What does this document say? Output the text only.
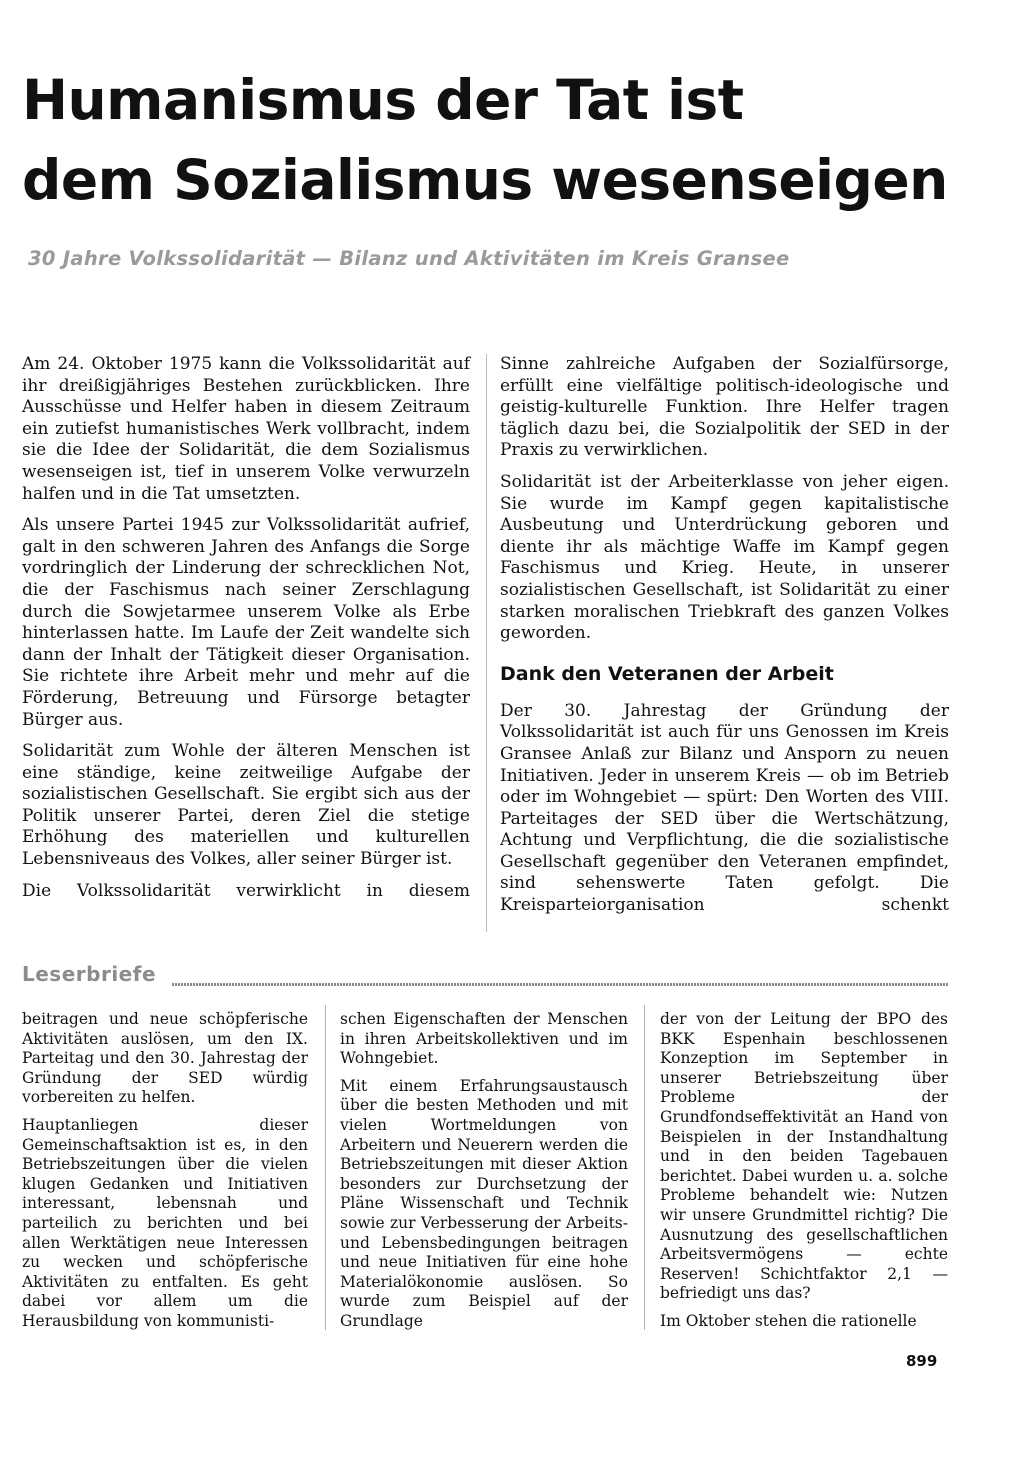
Humanismus der Tat ist
dem Sozialismus wesenseigen

30 Jahre Volkssolidarität — Bilanz und Aktivitäten im Kreis Gransee

Am 24. Oktober 1975 kann die Volkssolidarität auf ihr dreißigjähriges Bestehen zurückblicken. Ihre Ausschüsse und Helfer haben in diesem Zeitraum ein zutiefst humanistisches Werk vollbracht, indem sie die Idee der Solidarität, die dem Sozialismus wesenseigen ist, tief in unserem Volke verwurzeln halfen und in die Tat umsetzten.

Als unsere Partei 1945 zur Volkssolidarität aufrief, galt in den schweren Jahren des Anfangs die Sorge vordringlich der Linderung der schrecklichen Not, die der Faschismus nach seiner Zerschlagung durch die Sowjetarmee unserem Volke als Erbe hinterlassen hatte. Im Laufe der Zeit wandelte sich dann der Inhalt der Tätigkeit dieser Organisation. Sie richtete ihre Arbeit mehr und mehr auf die Förderung, Betreuung und Fürsorge betagter Bürger aus.

Solidarität zum Wohle der älteren Menschen ist eine ständige, keine zeitweilige Aufgabe der sozialistischen Gesellschaft. Sie ergibt sich aus der Politik unserer Partei, deren Ziel die stetige Erhöhung des materiellen und kulturellen Lebensniveaus des Volkes, aller seiner Bürger ist.

Die Volkssolidarität verwirklicht in diesem

Sinne zahlreiche Aufgaben der Sozialfürsorge, erfüllt eine vielfältige politisch-ideologische und geistig-kulturelle Funktion. Ihre Helfer tragen täglich dazu bei, die Sozialpolitik der SED in der Praxis zu verwirklichen.

Solidarität ist der Arbeiterklasse von jeher eigen. Sie wurde im Kampf gegen kapitalistische Ausbeutung und Unterdrückung geboren und diente ihr als mächtige Waffe im Kampf gegen Faschismus und Krieg. Heute, in unserer sozialistischen Gesellschaft, ist Solidarität zu einer starken moralischen Triebkraft des ganzen Volkes geworden.

Dank den Veteranen der Arbeit

Der 30. Jahrestag der Gründung der Volkssolidarität ist auch für uns Genossen im Kreis Gransee Anlaß zur Bilanz und Ansporn zu neuen Initiativen. Jeder in unserem Kreis — ob im Betrieb oder im Wohngebiet — spürt: Den Worten des VIII. Parteitages der SED über die Wertschätzung, Achtung und Verpflichtung, die die sozialistische Gesellschaft gegenüber den Veteranen empfindet, sind sehenswerte Taten gefolgt. Die Kreisparteiorganisation schenkt

Leserbriefe

beitragen und neue schöpferische Aktivitäten auslösen, um den IX. Parteitag und den 30. Jahrestag der Gründung der SED würdig vorbereiten zu helfen.

Hauptanliegen dieser Gemeinschaftsaktion ist es, in den Betriebszeitungen über die vielen klugen Gedanken und Initiativen interessant, lebensnah und parteilich zu berichten und bei allen Werktätigen neue Interessen zu wecken und schöpferische Aktivitäten zu entfalten. Es geht dabei vor allem um die Herausbildung von kommunisti-

schen Eigenschaften der Menschen in ihren Arbeitskollektiven und im Wohngebiet.

Mit einem Erfahrungsaustausch über die besten Methoden und mit vielen Wortmeldungen von Arbeitern und Neuerern werden die Betriebszeitungen mit dieser Aktion besonders zur Durchsetzung der Pläne Wissenschaft und Technik sowie zur Verbesserung der Arbeits- und Lebensbedingungen beitragen und neue Initiativen für eine hohe Materialökonomie auslösen. So wurde zum Beispiel auf der Grundlage

der von der Leitung der BPO des BKK Espenhain beschlossenen Konzeption im September in unserer Betriebszeitung über Probleme der Grundfondseffektivität an Hand von Beispielen in der Instandhaltung und in den beiden Tagebauen berichtet. Dabei wurden u. a. solche Probleme behandelt wie: Nutzen wir unsere Grundmittel richtig? Die Ausnutzung des gesellschaftlichen Arbeitsvermögens — echte Reserven! Schichtfaktor 2,1 — befriedigt uns das?

Im Oktober stehen die rationelle

899
